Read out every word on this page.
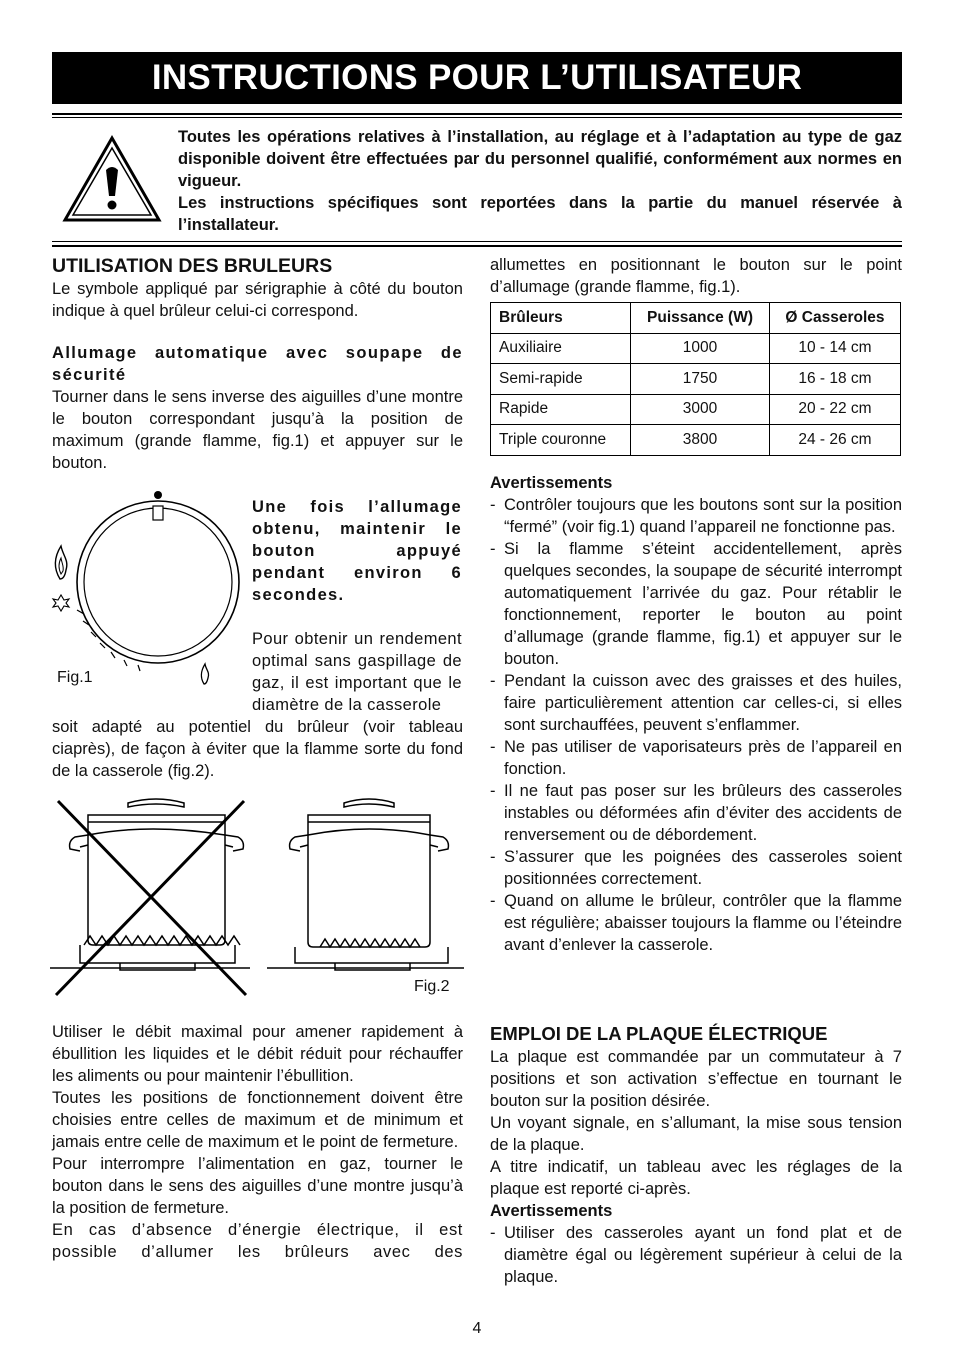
INSTRUCTIONS POUR L’UTILISATEUR

Toutes les opérations relatives à l’installation, au réglage et à l’adaptation au type de gaz disponible doivent être effectuées par du personnel qualifié, conformément aux normes en vigueur.

Les instructions spécifiques sont reportées dans la partie du manuel réservée à l’installateur.

UTILISATION DES BRULEURS

Le symbole appliqué par sérigraphie à côté du bouton indique à quel brûleur celui-ci correspond.

Allumage automatique avec soupape de sécurité

Tourner dans le sens inverse des aiguilles d’une montre le bouton correspondant jusqu’à la position de maximum (grande flamme, fig.1) et appuyer sur le bouton.

Fig.1

Une fois l’allumage obtenu, maintenir le bouton appuyé pendant environ 6 secondes.

Pour obtenir un rendement optimal sans gaspillage de gaz, il est important que le diamètre de la casserole

soit adapté au potentiel du brûleur (voir tableau ciaprès), de façon à éviter que la flamme sorte du fond de la casserole (fig.2).

Fig.2

Utiliser le débit maximal pour amener rapidement à ébullition les liquides et le débit réduit pour réchauffer les aliments ou pour maintenir l’ébullition.

Toutes les positions de fonctionnement doivent être choisies entre celles de maximum et de minimum et jamais entre celle de maximum et le point de fermeture.

Pour interrompre l’alimentation en gaz, tourner le bouton dans le sens des aiguilles d’une montre jusqu’à la position de fermeture.

En cas d’absence d’énergie électrique, il est possible d’allumer les brûleurs avec des

allumettes en positionnant le bouton sur le point d’allumage (grande flamme, fig.1).

Brûleurs	Puissance (W)	Ø Casseroles
Auxiliaire	1000	10 - 14 cm
Semi-rapide	1750	16 - 18 cm
Rapide	3000	20 - 22 cm
Triple couronne	3800	24 - 26 cm

Avertissements

- Contrôler toujours que les boutons sont sur la position “fermé” (voir fig.1) quand l’appareil ne fonctionne pas.
- Si la flamme s’éteint accidentellement, après quelques secondes, la soupape de sécurité interrompt automatiquement l’arrivée du gaz. Pour rétablir le fonctionnement, reporter le bouton au point d’allumage (grande flamme, fig.1) et appuyer sur le bouton.
- Pendant la cuisson avec des graisses et des huiles, faire particulièrement attention car celles-ci, si elles sont surchauffées, peuvent s’enflammer.
- Ne pas utiliser de vaporisateurs près de l’appareil en fonction.
- Il ne faut pas poser sur les brûleurs des casseroles instables ou déformées afin d’éviter des accidents de renversement ou de débordement.
- S’assurer que les poignées des casseroles soient positionnées correctement.
- Quand on allume le brûleur, contrôler que la flamme est régulière; abaisser toujours la flamme ou l’éteindre avant d’enlever la casserole.
EMPLOI DE LA PLAQUE ÉLECTRIQUE

La plaque est commandée par un commutateur à 7 positions et son activation s’effectue en tournant le bouton sur la position désirée.

Un voyant signale, en s’allumant, la mise sous tension de la plaque.

A titre indicatif, un tableau avec les réglages de la plaque est reporté ci-après.

Avertissements

- Utiliser des casseroles ayant un fond plat et de diamètre égal ou légèrement supérieur à celui de la plaque.
4
